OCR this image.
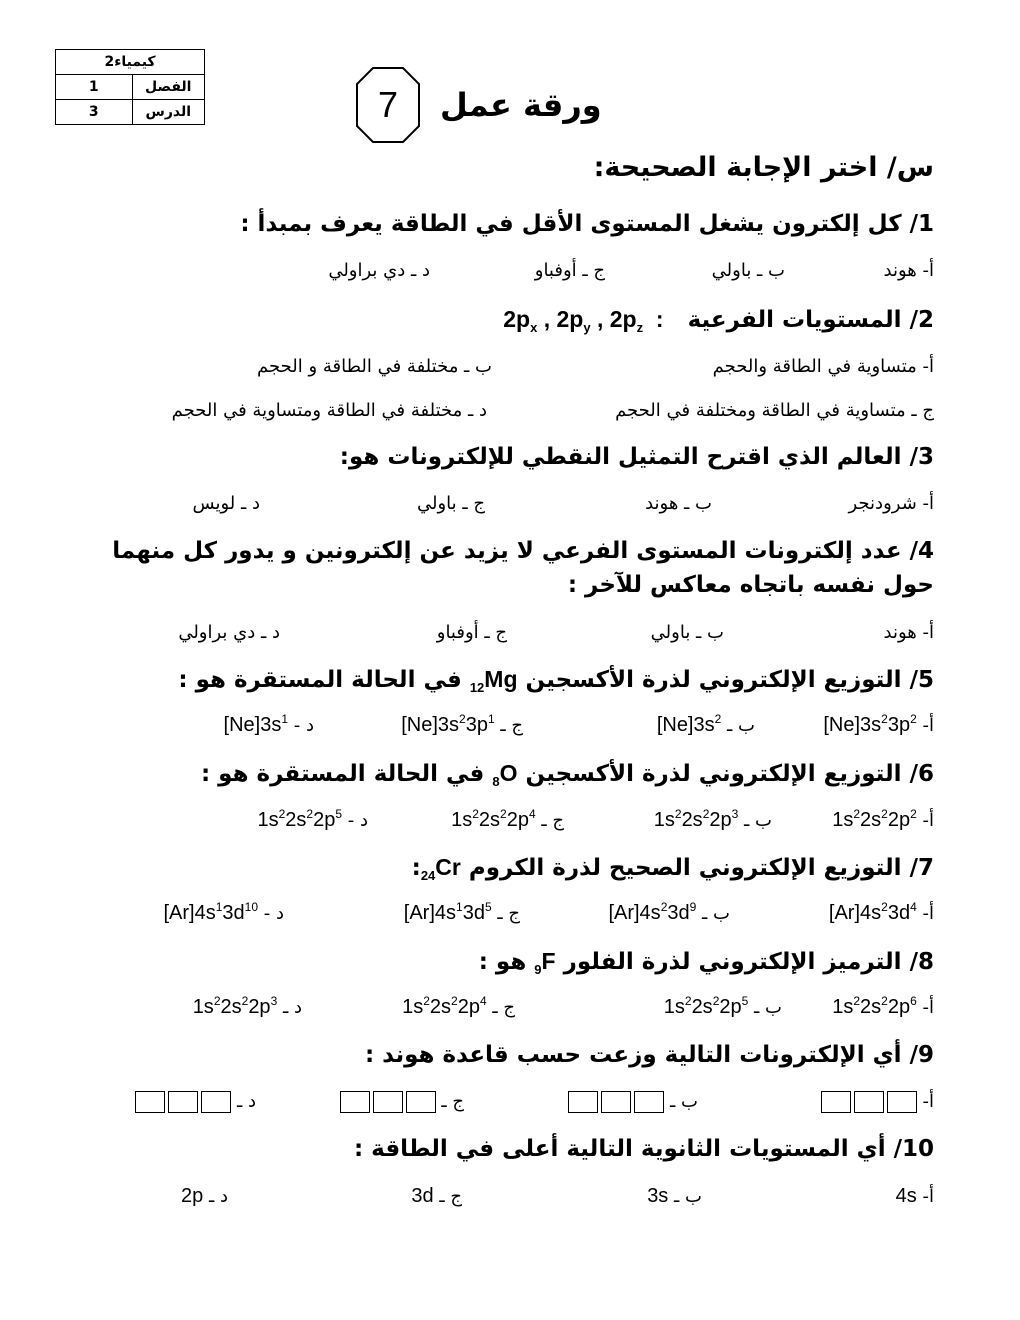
كيمياء2	
1	الفصل
3	الدرس	7	ورقة عمل
س/ اختر الإجابة الصحيحة:
1/ كل إلكترون يشغل المستوى الأقل في الطاقة يعرف بمبدأ :
أ- هوند
ب ـ باولي
ج ـ أوفباو
د ـ دي براولي
2/ المستويات الفرعية   $2p_x$ , $2p_y$ , $2p_z$  :
أ- متساوية في الطاقة والحجم
ب ـ مختلفة في الطاقة و الحجم
ج ـ متساوية في الطاقة ومختلفة في الحجم
د ـ مختلفة في الطاقة ومتساوية في الحجم
3/ العالم الذي اقترح التمثيل النقطي للإلكترونات هو:
أ- شرودنجر
ب ـ هوند
ج ـ باولي
د ـ لويس
4/ عدد إلكترونات المستوى الفرعي لا يزيد عن إلكترونين و يدور كل منهما حول نفسه باتجاه معاكس للآخر :
أ- هوند
ب ـ باولي
ج ـ أوفباو
د ـ دي براولي
5/ التوزيع الإلكتروني لذرة الأكسجين $_{12}$Mg في الحالة المستقرة هو :
أ- $[Ne]3s^23p^2$
ب ـ $[Ne]3s^2$
ج ـ $[Ne]3s^23p^1$
د - $[Ne]3s^1$
6/ التوزيع الإلكتروني لذرة الأكسجين $_8$O في الحالة المستقرة هو :
أ- $1s^22s^22p^2$
ب ـ $1s^22s^22p^3$
ج ـ $1s^22s^22p^4$
د - $1s^22s^22p^5$
7/ التوزيع الإلكتروني الصحيح لذرة الكروم $_{24}$Cr:
أ- $[Ar]4s^23d^4$
ب ـ $[Ar]4s^23d^9$
ج ـ $[Ar]4s^13d^5$
د - $[Ar]4s^13d^{10}$
8/ الترميز الإلكتروني لذرة الفلور $_9$F هو :
أ- $1s^22s^22p^6$
ب ـ $1s^22s^22p^5$
ج ـ $1s^22s^22p^4$
د ـ $1s^22s^22p^3$
9/ أي الإلكترونات التالية وزعت حسب قاعدة هوند :
أ-
ب ـ
ج ـ
د ـ
10/ أي المستويات الثانوية التالية أعلى في الطاقة :
أ- 4s
ب ـ 3s
ج ـ 3d
د ـ 2p
